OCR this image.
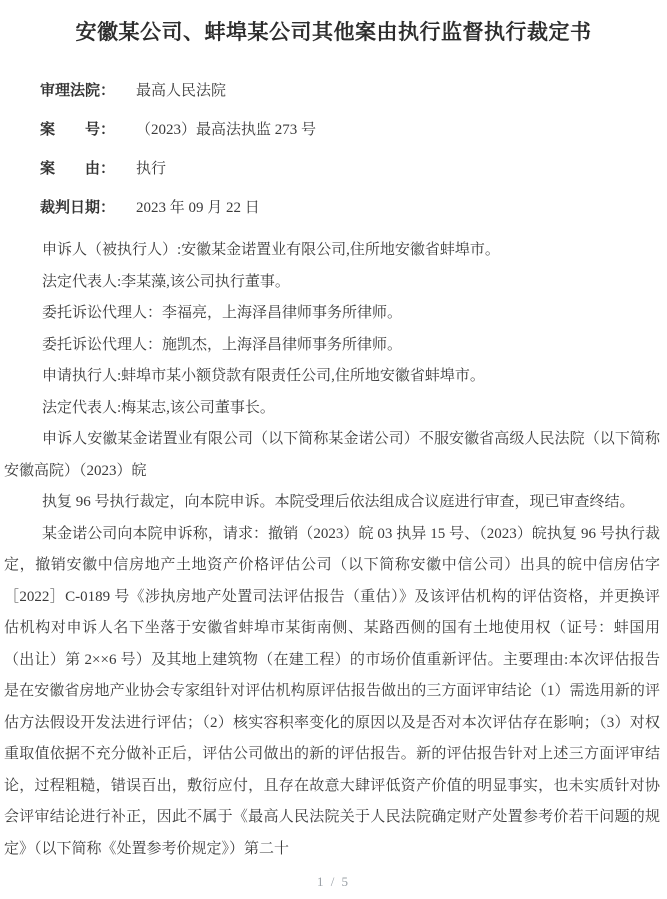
安徽某公司、蚌埠某公司其他案由执行监督执行裁定书
审理法院： 最高人民法院
案　　号： （2023）最高法执监 273 号
案　　由： 执行
裁判日期： 2023 年 09 月 22 日

申诉人（被执行人）:安徽某金诺置业有限公司,住所地安徽省蚌埠市。

法定代表人:李某藻,该公司执行董事。

委托诉讼代理人：李福亮，上海泽昌律师事务所律师。

委托诉讼代理人：施凯杰，上海泽昌律师事务所律师。

申请执行人:蚌埠市某小额贷款有限责任公司,住所地安徽省蚌埠市。

法定代表人:梅某志,该公司董事长。

申诉人安徽某金诺置业有限公司（以下简称某金诺公司）不服安徽省高级人民法院（以下简称安徽高院）（2023）皖

执复 96 号执行裁定，向本院申诉。本院受理后依法组成合议庭进行审查，现已审查终结。

某金诺公司向本院申诉称，请求：撤销（2023）皖 03 执异 15 号、（2023）皖执复 96 号执行裁定，撤销安徽中信房地产土地资产价格评估公司（以下简称安徽中信公司）出具的皖中信房估字［2022］C-0189 号《涉执房地产处置司法评估报告（重估）》及该评估机构的评估资格，并更换评估机构对申诉人名下坐落于安徽省蚌埠市某街南侧、某路西侧的国有土地使用权（证号：蚌国用（出让）第 2××6 号）及其地上建筑物（在建工程）的市场价值重新评估。主要理由:本次评估报告是在安徽省房地产业协会专家组针对评估机构原评估报告做出的三方面评审结论（1）需选用新的评估方法假设开发法进行评估；（2）核实容积率变化的原因以及是否对本次评估存在影响；（3）对权重取值依据不充分做补正后，评估公司做出的新的评估报告。新的评估报告针对上述三方面评审结论，过程粗糙，错误百出，敷衍应付，且存在故意大肆评低资产价值的明显事实，也未实质针对协会评审结论进行补正，因此不属于《最高人民法院关于人民法院确定财产处置参考价若干问题的规定》（以下简称《处置参考价规定》）第二十

1 / 5
